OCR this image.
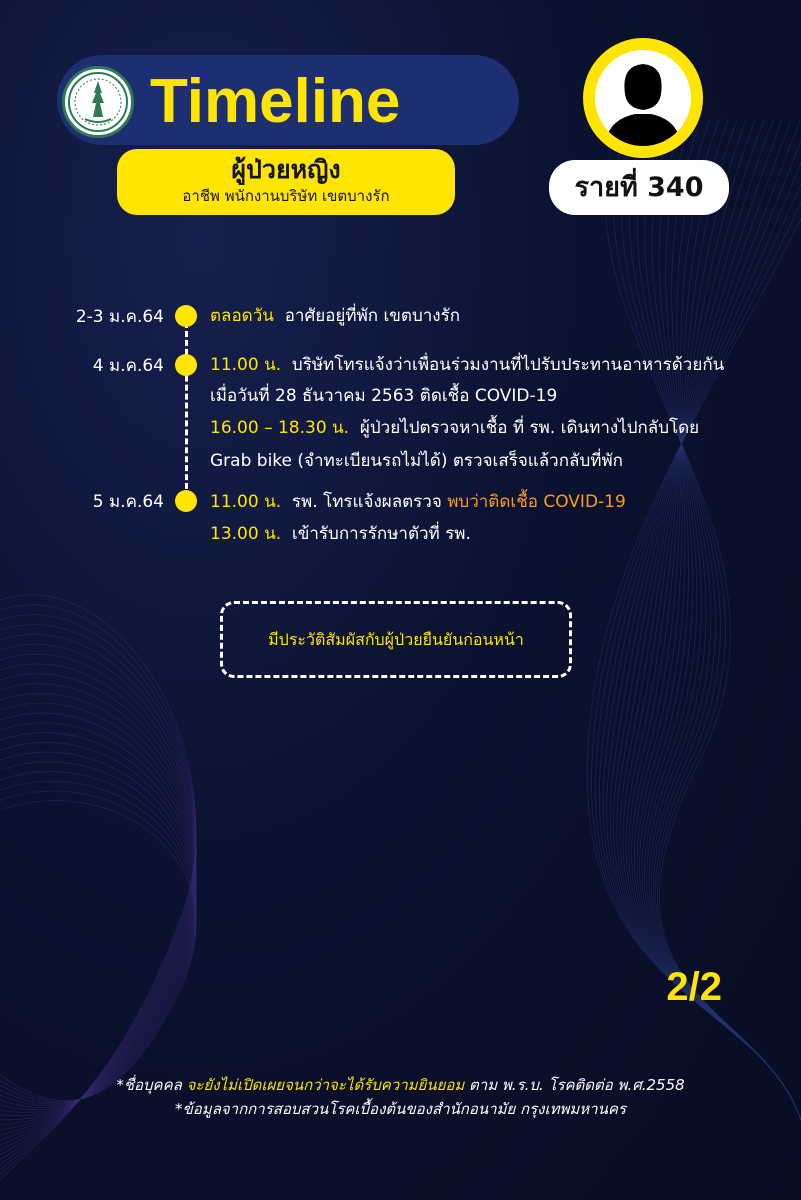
Timeline
ผู้ป่วยหญิง
อาชีพ พนักงานบริษัท เขตบางรัก	รายที่ 340
2-3 ม.ค.64	ตลอดวัน อาศัยอยู่ที่พัก เขตบางรัก
4 ม.ค.64	11.00 น. บริษัทโทรแจ้งว่าเพื่อนร่วมงานที่ไปรับประทานอาหารด้วยกัน
เมื่อวันที่ 28 ธันวาคม 2563 ติดเชื้อ COVID-19
16.00 – 18.30 น. ผู้ป่วยไปตรวจหาเชื้อ ที่ รพ. เดินทางไปกลับโดย
Grab bike (จำทะเบียนรถไม่ได้) ตรวจเสร็จแล้วกลับที่พัก
5 ม.ค.64	11.00 น. รพ. โทรแจ้งผลตรวจ พบว่าติดเชื้อ COVID-19
13.00 น. เข้ารับการรักษาตัวที่ รพ.
มีประวัติสัมผัสกับผู้ป่วยยืนยันก่อนหน้า
2/2
*ชื่อบุคคล จะยังไม่เปิดเผยจนกว่าจะได้รับความยินยอม ตาม พ.ร.บ. โรคติดต่อ พ.ศ.2558
*ข้อมูลจากการสอบสวนโรคเบื้องต้นของสำนักอนามัย กรุงเทพมหานคร
